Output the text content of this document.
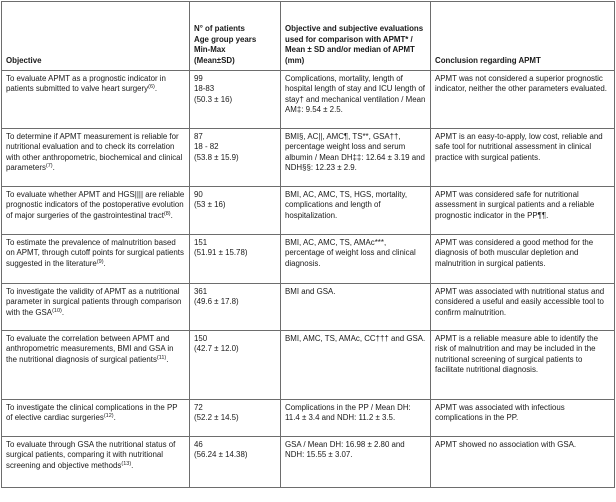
Objective	N° of patients
Age group years
Min-Max
(Mean±SD)	Objective and subjective evaluations used for comparison with APMT* / Mean ± SD and/or median of APMT (mm)	Conclusion regarding APMT
To evaluate APMT as a prognostic indicator in patients submitted to valve heart surgery$^{(6)}$.	99
18-83
(50.3 ± 16)	Complications, mortality, length of hospital length of stay and ICU length of stay† and mechanical ventilation / Mean AM‡: 9.54 ± 2.5.	APMT was not considered a superior prognostic indicator, neither the other parameters evaluated.
To determine if APMT measurement is reliable for nutritional evaluation and to check its correlation with other anthropometric, biochemical and clinical parameters$^{(7)}$.	87
18 - 82
(53.8 ± 15.9)	BMI§, AC||, AMC¶, TS**, GSA††, percentage weight loss and serum albumin / Mean DH‡‡: 12.64 ± 3.19 and NDH§§: 12.23 ± 2.9.	APMT is an easy-to-apply, low cost, reliable and safe tool for nutritional assessment in clinical practice with surgical patients.
To evaluate whether APMT and HGS|||| are reliable prognostic indicators of the postoperative evolution of major surgeries of the gastrointestinal tract$^{(8)}$.	90
(53 ± 16)	BMI, AC, AMC, TS, HGS, mortality, complications and length of hospitalization.	APMT was considered safe for nutritional assessment in surgical patients and a reliable prognostic indicator in the PP¶¶.
To estimate the prevalence of malnutrition based on APMT, through cutoff points for surgical patients suggested in the literature$^{(9)}$.	151
(51.91 ± 15.78)	BMI, AC, AMC, TS, AMAc***, percentage of weight loss and clinical diagnosis.	APMT was considered a good method for the diagnosis of both muscular depletion and malnutrition in surgical patients.
To investigate the validity of APMT as a nutritional parameter in surgical patients through comparison with the GSA$^{(10)}$.	361
(49.6 ± 17.8)	BMI and GSA.	APMT was associated with nutritional status and considered a useful and easily accessible tool to confirm malnutrition.
To evaluate the correlation between APMT and anthropometric measurements, BMI and GSA in the nutritional diagnosis of surgical patients$^{(11)}$.	150
(42.7 ± 12.0)	BMI, AMC, TS, AMAc, CC††† and GSA.	APMT is a reliable measure able to identify the risk of malnutrition and may be included in the nutritional screening of surgical patients to facilitate nutritional diagnosis.
To investigate the clinical complications in the PP of elective cardiac surgeries$^{(12)}$.	72
(52.2 ± 14.5)	Complications in the PP / Mean DH: 11.4 ± 3.4 and NDH: 11.2 ± 3.5.	APMT was associated with infectious complications in the PP.
To evaluate through GSA the nutritional status of surgical patients, comparing it with nutritional screening and objective methods$^{(13)}$.	46
(56.24 ± 14.38)	GSA / Mean DH: 16.98 ± 2.80 and NDH: 15.55 ± 3.07.	APMT showed no association with GSA.
